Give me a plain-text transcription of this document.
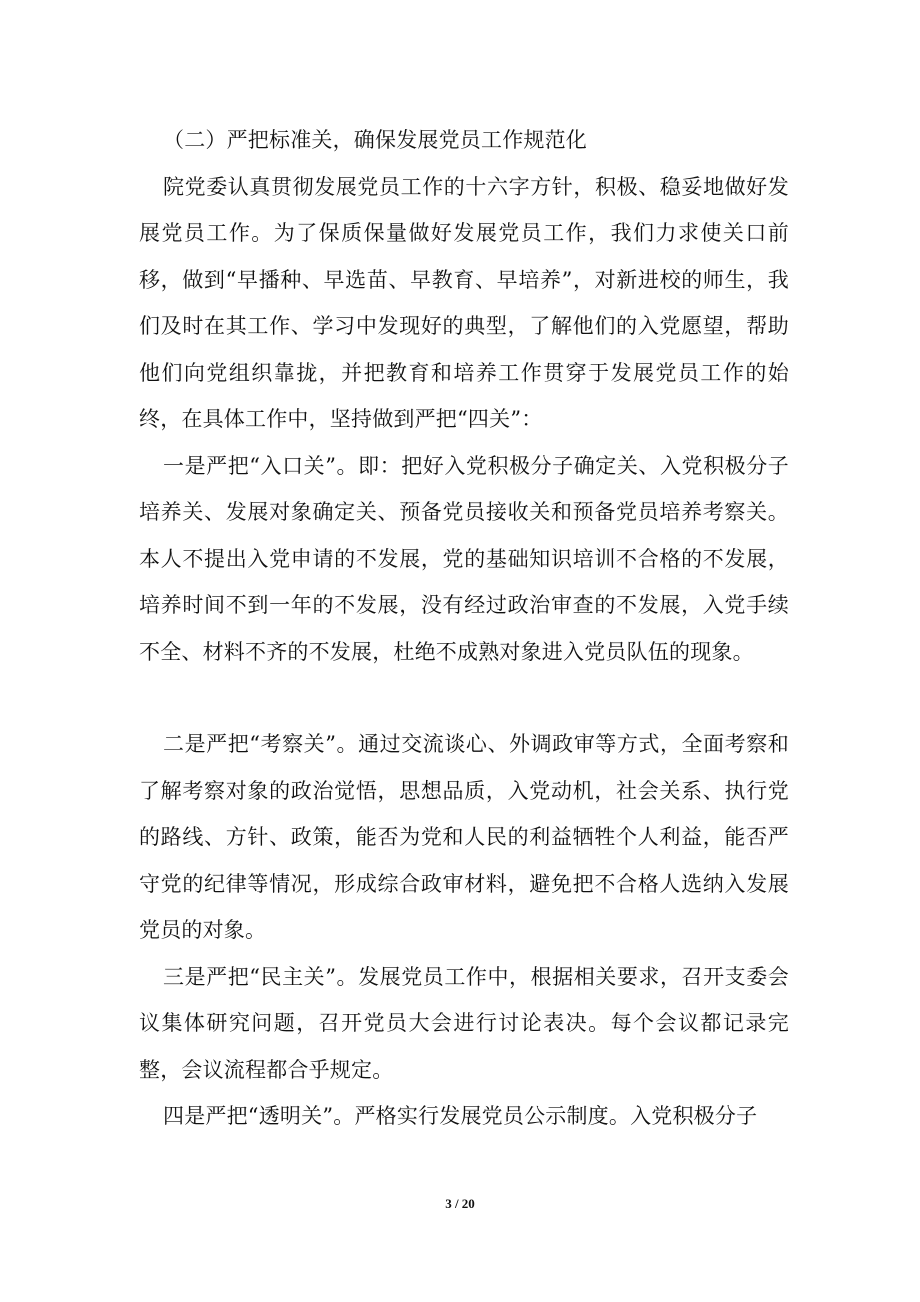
（二）严把标准关，确保发展党员工作规范化

院党委认真贯彻发展党员工作的十六字方针，积极、稳妥地做好发展党员工作。为了保质保量做好发展党员工作，我们力求使关口前移，做到“早播种、早选苗、早教育、早培养”，对新进校的师生，我们及时在其工作、学习中发现好的典型，了解他们的入党愿望，帮助他们向党组织靠拢，并把教育和培养工作贯穿于发展党员工作的始终，在具体工作中，坚持做到严把“四关”：

一是严把“入口关”。即：把好入党积极分子确定关、入党积极分子培养关、发展对象确定关、预备党员接收关和预备党员培养考察关。本人不提出入党申请的不发展，党的基础知识培训不合格的不发展，培养时间不到一年的不发展，没有经过政治审查的不发展，入党手续不全、材料不齐的不发展，杜绝不成熟对象进入党员队伍的现象。

二是严把“考察关”。通过交流谈心、外调政审等方式，全面考察和了解考察对象的政治觉悟，思想品质，入党动机，社会关系、执行党的路线、方针、政策，能否为党和人民的利益牺牲个人利益，能否严守党的纪律等情况，形成综合政审材料，避免把不合格人选纳入发展党员的对象。

三是严把“民主关”。发展党员工作中，根据相关要求，召开支委会议集体研究问题，召开党员大会进行讨论表决。每个会议都记录完整，会议流程都合乎规定。

四是严把“透明关”。严格实行发展党员公示制度。入党积极分子

3 / 20
